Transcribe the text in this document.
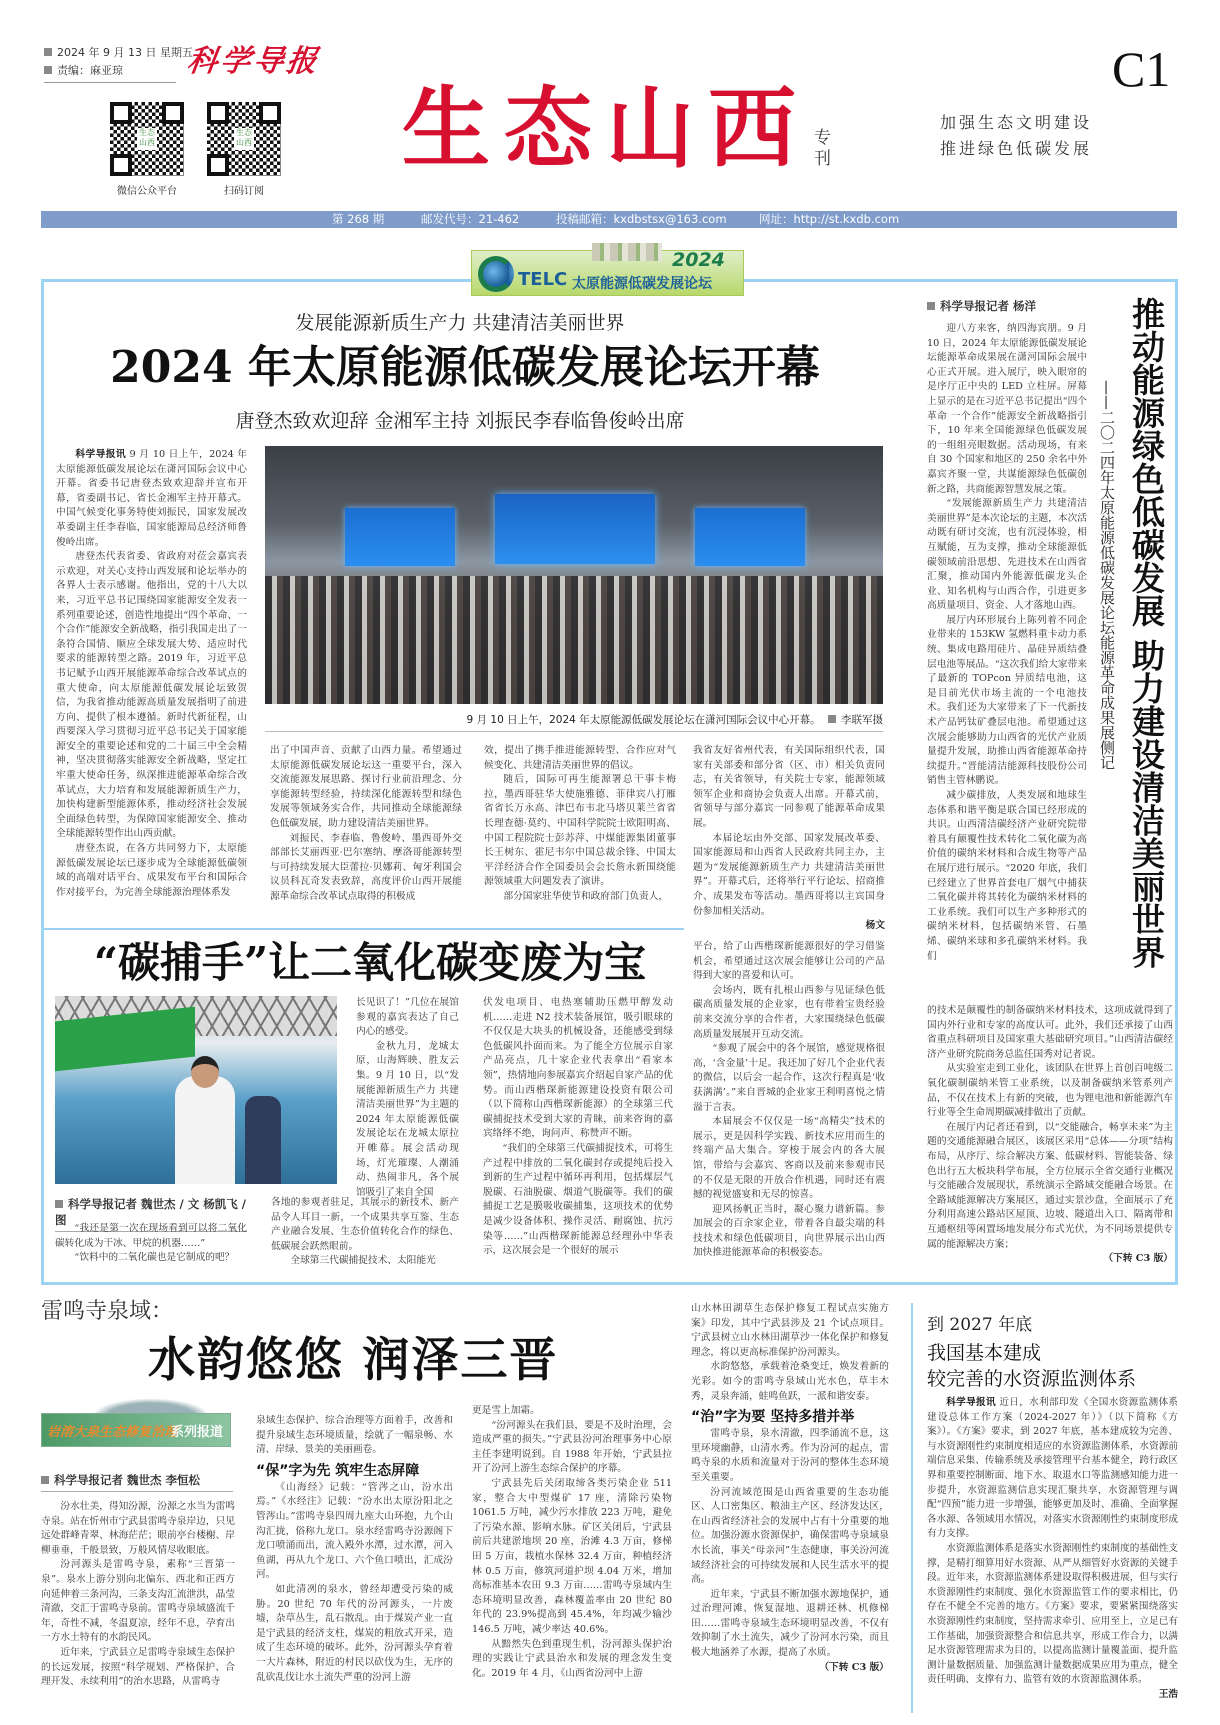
2024 年 9 月 13 日 星期五
责编：麻亚琼	科学导报	C1
生态山西
生态山西
微信公众平台	扫码订阅
生态山西 专刊
加强生态文明建设
推进绿色低碳发展
第 268 期	邮发代号：21-462	投稿邮箱：kxdbstsx@163.com	网址：http://st.kxdb.com
TELC 太原能源低碳发展论坛
2024
发展能源新质生产力 共建清洁美丽世界
2024 年太原能源低碳发展论坛开幕
唐登杰致欢迎辞 金湘军主持 刘振民李春临鲁俊岭出席

科学导报讯 9 月 10 日上午，2024 年太原能源低碳发展论坛在潇河国际会议中心开幕。省委书记唐登杰致欢迎辞并宣布开幕，省委副书记、省长金湘军主持开幕式。中国气候变化事务特使刘振民，国家发展改革委副主任李春临，国家能源局总经济师鲁俊岭出席。

唐登杰代表省委、省政府对莅会嘉宾表示欢迎，对关心支持山西发展和论坛举办的各界人士表示感谢。他指出，党的十八大以来，习近平总书记围绕国家能源安全发表一系列重要论述，创造性地提出“四个革命、一个合作”能源安全新战略，指引我国走出了一条符合国情、顺应全球发展大势、适应时代要求的能源转型之路。2019 年，习近平总书记赋予山西开展能源革命综合改革试点的重大使命，向太原能源低碳发展论坛致贺信，为我省推动能源高质量发展指明了前进方向、提供了根本遵循。新时代新征程，山西要深入学习贯彻习近平总书记关于国家能源安全的重要论述和党的二十届三中全会精神，坚决贯彻落实能源安全新战略，坚定扛牢重大使命任务，纵深推进能源革命综合改革试点，大力培育和发展能源新质生产力，加快构建新型能源体系，推动经济社会发展全面绿色转型，为保障国家能源安全、推动全球能源转型作出山西贡献。

唐登杰说，在各方共同努力下，太原能源低碳发展论坛已逐步成为全球能源低碳领域的高端对话平台、成果发布平台和国际合作对接平台，为完善全球能源治理体系发

9 月 10 日上午，2024 年太原能源低碳发展论坛在潇河国际会议中心开幕。 李联军摄

出了中国声音、贡献了山西力量。希望通过太原能源低碳发展论坛这一重要平台，深入交流能源发展思路、探讨行业前沿理念、分享能源转型经验，持续深化能源转型和绿色发展等领域务实合作，共同推动全球能源绿色低碳发展，助力建设清洁美丽世界。

刘振民、李春临、鲁俊岭、墨西哥外交部部长艾丽西亚·巴尔塞纳、摩洛哥能源转型与可持续发展大臣蕾拉·贝娜莉、匈牙利国会议员科瓦奇发表致辞，高度评价山西开展能源革命综合改革试点取得的积极成

效，提出了携手推进能源转型、合作应对气候变化、共建清洁美丽世界的倡议。

随后，国际可再生能源署总干事卡梅拉，墨西哥驻华大使施雅德、菲律宾八打雁省省长万永高、津巴布韦北马塔贝莱兰省省长理查德·莫约、中国科学院院士欧阳明高、中国工程院院士彭苏萍、中煤能源集团董事长王树东、霍尼韦尔中国总裁余锋、中国太平洋经济合作全国委员会会长詹永新围绕能源领域重大问题发表了演讲。

部分国家驻华使节和政府部门负责人，

我省友好省州代表，有关国际组织代表，国家有关部委和部分省（区、市）相关负责同志，有关省领导，有关院士专家，能源领域领军企业和商协会负责人出席。开幕式前，省领导与部分嘉宾一同参观了能源革命成果展。

本届论坛由外交部、国家发展改革委、国家能源局和山西省人民政府共同主办，主题为“发展能源新质生产力 共建清洁美丽世界”。开幕式后，还将举行平行论坛、招商推介、成果发布等活动。墨西哥将以主宾国身份参加相关活动。

杨文

科学导报记者 杨洋	推动能源绿色低碳发展 助力建设清洁美丽世界
——二〇二四年太原能源低碳发展论坛能源革命成果展侧记

迎八方来客，纳四海宾朋。9 月 10 日，2024 年太原能源低碳发展论坛能源革命成果展在潇河国际会展中心正式开展。进入展厅，映入眼帘的是序厅正中央的 LED 立柱屏。屏幕上显示的是在习近平总书记提出“四个革命 一个合作”能源安全新战略指引下，10 年来全国能源绿色低碳发展的一组组亮眼数据。活动现场，有来自 30 个国家和地区的 250 余名中外嘉宾齐聚一堂，共谋能源绿色低碳创新之路，共商能源智慧发展之策。

“发展能源新质生产力 共建清洁美丽世界”是本次论坛的主题，本次活动既有研讨交流，也有沉浸体验，相互赋能，互为支撑，推动全球能源低碳领域前沿思想、先进技术在山西省汇聚，推动国内外能源低碳龙头企业、知名机构与山西合作，引进更多高质量项目、资金、人才落地山西。

展厅内环形展台上陈列着不同企业带来的 153KW 氢燃料重卡动力系统、集成电路用硅片、晶硅异质结叠层电池等展品。“这次我们给大家带来了最新的 TOPcon 异质结电池，这是目前光伏市场主流的一个电池技术。我们还为大家带来了下一代新技术产品钙钛矿叠层电池。希望通过这次展会能够助力山西省的光伏产业质量提升发展，助推山西省能源革命持续提升。”晋能清洁能源科技股份公司销售主管林鹏说。

减少碳排放，人类发展和地球生态体系和谐平衡是联合国已经形成的共识。山西清洁碳经济产业研究院带着具有颠覆性技术转化二氧化碳为高价值的碳纳米材料和合成生物等产品在展厅进行展示。“2020 年底，我们已经建立了世界首套电厂烟气中捕获二氧化碳并将其转化为碳纳米材料的工业系统。我们可以生产多种形式的碳纳米材料，包括碳纳米管、石墨烯、碳纳米球和多孔碳纳米材料。我们

的技术是颠覆性的制备碳纳米材料技术，这项成就得到了国内外行业和专家的高度认可。此外，我们还承接了山西省重点科研项目及国家重大基础研究项目。”山西清洁碳经济产业研究院商务总监任国秀对记者说。

从实验室走到工业化，该团队在世界上首创百吨级二氧化碳制碳纳米管工业系统，以及制备碳纳米管系列产品，不仅在技术上有新的突破，也为锂电池和新能源汽车行业等全生命周期碳减排做出了贡献。

在展厅内记者还看到，以“交能融合，畅享未来”为主题的交通能源融合展区，该展区采用“总体——分项”结构布局，从序厅、综合解决方案、低碳材料、智能装备、绿色出行五大板块科学布展，全方位展示全省交通行业概况与交能融合发展现状，系统演示全路域交能融合场景。在全路域能源解决方案展区，通过实景沙盘，全面展示了充分利用高速公路站区屋顶、边坡、隧道出入口、隔离带和互通枢纽等闲置场地发展分布式光伏，为不同场景提供专属的能源解决方案；

（下转 C3 版）

“碳捕手”让二氧化碳变废为宝
科学导报记者 魏世杰 / 文 杨凯飞 / 图

“我还是第一次在现场看到可以将二氧化碳转化成为干冰、甲烷的机器……”

“饮料中的二氧化碳也是它制成的吧？

长见识了！”几位在展馆参观的嘉宾表达了自己内心的感受。

金秋九月，龙城太原，山海辉映、胜友云集。9 月 10 日，以“发展能源新质生产力 共建清洁美丽世界”为主题的 2024 年太原能源低碳发展论坛在龙城太原拉开帷幕。展会活动现场，灯光璀璨、人潮涌动、热闹非凡，各个展馆吸引了来自全国

各地的参观者驻足，其展示的新技术、新产品令人耳目一新，一个成果共享互鉴、生态产业融合发展、生态价值转化合作的绿色、低碳展会跃然眼前。

全球第三代碳捕捉技术、太阳能光

伏发电项目、电热塞辅助压燃甲醇发动机……走进 N2 技术装备展馆，吸引眼球的不仅仅是大块头的机械设备，还能感受到绿色低碳风扑面而来。为了能全方位展示自家产品亮点，几十家企业代表拿出“看家本领”，热情地向参展嘉宾介绍起自家产品的优势。而山西楷琛新能源建设投资有限公司（以下简称山西楷琛新能源）的全球第三代碳捕捉技术受到大家的青睐，前来咨询的嘉宾络绎不绝，询问声、称赞声不断。

“我们的全球第三代碳捕捉技术，可将生产过程中排放的二氧化碳封存或提纯后投入到新的生产过程中循环再利用，包括煤层气脱碳、石油脱碳、烟道气脱碳等。我们的碳捕捉工艺是膜吸收碳捕集，这项技术的优势是减少设备体积、操作灵活、耐腐蚀、抗污染等……”山西楷琛新能源总经理孙中华表示，这次展会是一个很好的展示

平台，给了山西楷琛新能源很好的学习借鉴机会，希望通过这次展会能够让公司的产品得到大家的喜爱和认可。

会场内，既有扎根山西参与见证绿色低碳高质量发展的企业家，也有带着宝贵经验前来交流分享的合作者，大家围绕绿色低碳高质量发展展开互动交流。

“参观了展会中的各个展馆，感觉规格很高，‘含金量’十足。我还加了好几个企业代表的微信，以后会一起合作，这次行程真是‘收获满满’。”来自晋城的企业家王利明喜悦之情溢于言表。

本届展会不仅仅是一场“高精尖”技术的展示，更是因科学实践、新技术应用而生的终端产品大集合。穿梭于展会内的各大展馆，带给与会嘉宾、客商以及前来参观市民的不仅是无限的开放合作机遇，同时还有震撼的视觉盛宴和无尽的惊喜。

迎风扬帆正当时，凝心聚力谱新篇。参加展会的百余家企业，带着各自最尖端的科技技术和绿色低碳项目，向世界展示出山西加快推进能源革命的积极姿态。

雷鸣寺泉域：
水韵悠悠 润泽三晋
岩溶大泉生态修复治理
系列报道
科学导报记者 魏世杰 李恒松

汾水壮美，得知汾源，汾源之水当为雷鸣寺泉。站在忻州市宁武县雷鸣寺泉岸边，只见远处群峰青翠、林海茫茫；眼前亭台楼榭、岸柳垂垂，千般景致，万般风情尽收眼底。

汾河源头是雷鸣寺泉，素称“三晋第一泉”。泉水上游分别向北偏东、西北和正西方向延伸着三条河沟，三条支沟汇流泄洪，晶莹清澈，交汇于雷鸣寺泉前。雷鸣寺泉域盛流千年，奇性不减，冬温夏凉，经年不息，孕育出一方水土特有的水韵民风。

近年来，宁武县立足雷鸣寺泉域生态保护的长远发展，按照“科学规划、严格保护、合理开发、永续利用”的治水思路，从雷鸣寺

泉域生态保护、综合治理等方面着手，改善和提升泉域生态环境质量，绘就了一幅泉畅、水清、岸绿、景美的美丽画卷。

“保”字为先 筑牢生态屏障

《山海经》记载：“管涔之山，汾水出焉。”《水经注》记载：“汾水出太原汾阳北之管涔山。”雷鸣寺泉四周九座大山环抱，九个山沟汇拢，俗称九龙口。泉水经雷鸣寺汾源阁下龙口喷涌而出，流入殿外水潭，过水潭，河入鱼湖，再从九个龙口、六个鱼口喷出，汇成汾河。

如此清冽的泉水，曾经却遭受污染的威胁。20 世纪 70 年代的汾河源头，一片废墟，杂草丛生，乱石散乱。由于煤炭产业一直是宁武县的经济支柱，煤炭的粗放式开采，造成了生态环境的破坏。此外，汾河源头孕育着一大片森林，附近的村民以砍伐为生，无序的乱砍乱伐让水土流失严重的汾河上游

更是雪上加霜。

“汾河源头在我们县，要是不及时治理，会造成严重的损失。”宁武县汾河治理事务中心原主任李建明说到。自 1988 年开始，宁武县拉开了汾河上游生态综合保护的序幕。

宁武县先后关闭取缔各类污染企业 511 家，整合大中型煤矿 17 座，清除污染物 1061.5 万吨，减少污水排放 223 万吨，避免了污染水源、影响水脉。矿区关闭后，宁武县前后共建淤地坝 20 座，治滩 4.3 万亩，修梯田 5 万亩，栽植水保林 32.4 万亩，种植经济林 0.5 万亩，修筑河道护坝 4.04 万米，增加高标准基本农田 9.3 万亩……雷鸣寺泉域内生态环境明显改善，森林覆盖率由 20 世纪 80 年代的 23.9%提高到 45.4%，年均减少输沙 146.5 万吨，减少率达 40.6%。

从黯然失色到重现生机，汾河源头保护治理的实践让宁武县治水和发展的理念发生变化。2019 年 4 月，《山西省汾河中上游

山水林田湖草生态保护修复工程试点实施方案》印发，其中宁武县涉及 21 个试点项目。宁武县树立山水林田湖草沙一体化保护和修复理念，将以更高标准保护汾河源头。

水韵悠悠，承载着沧桑变迁，焕发着新的光彩。如今的雷鸣寺泉域山光水色，草丰木秀，灵泉奔涌，蛙鸣鱼跃，一派和谐安泰。

“治”字为要 坚持多措并举

雷鸣寺泉，泉水清澈，四季涌流不息，这里环境幽静，山清水秀。作为汾河的起点，雷鸣寺泉的水质和流量对于汾河的整体生态环境至关重要。

汾河流域范围是山西省重要的生态功能区、人口密集区、粮油主产区、经济发达区，在山西省经济社会的发展中占有十分重要的地位。加强汾源水资源保护，确保雷鸣寺泉域泉水长流，事关“母亲河”生态健康，事关汾河流域经济社会的可持续发展和人民生活水平的提高。

近年来，宁武县不断加强水源地保护，通过治理河滩、恢复湿地、退耕还林、机修梯田……雷鸣寺泉域生态环境明显改善，不仅有效抑制了水土流失，减少了汾河水污染，而且极大地涵养了水源，提高了水质。

（下转 C3 版）

到 2027 年底
我国基本建成
较完善的水资源监测体系

科学导报讯 近日，水利部印发《全国水资源监测体系建设总体工作方案（2024-2027 年）》（以下简称《方案》）。《方案》要求，到 2027 年底，基本建成较为完善、与水资源刚性约束制度相适应的水资源监测体系，水资源前端信息采集、传输系统及承接管理平台基本健全，跨行政区界和重要控制断面、地下水、取退水口等监测感知能力进一步提升，水资源监测信息实现汇聚共享，水资源管理与调配“四预”能力进一步增强，能够更加及时、准确、全面掌握各水源、各领域用水情况，对落实水资源刚性约束制度形成有力支撑。

水资源监测体系是落实水资源刚性约束制度的基础性支撑，是精打细算用好水资源、从严从细管好水资源的关键手段。近年来，水资源监测体系建设取得积极进展，但与实行水资源刚性约束制度、强化水资源监管工作的要求相比，仍存在不健全不完善的地方。《方案》要求，要紧紧围绕落实水资源刚性约束制度，坚持需求牵引、应用至上，立足已有工作基础，加强资源整合和信息共享，形成工作合力，以满足水资源管理需求为目的，以提高监测计量覆盖面、提升监测计量数据质量、加强监测计量数据成果应用为重点，健全责任明确、支撑有力、监管有效的水资源监测体系。

王浩
